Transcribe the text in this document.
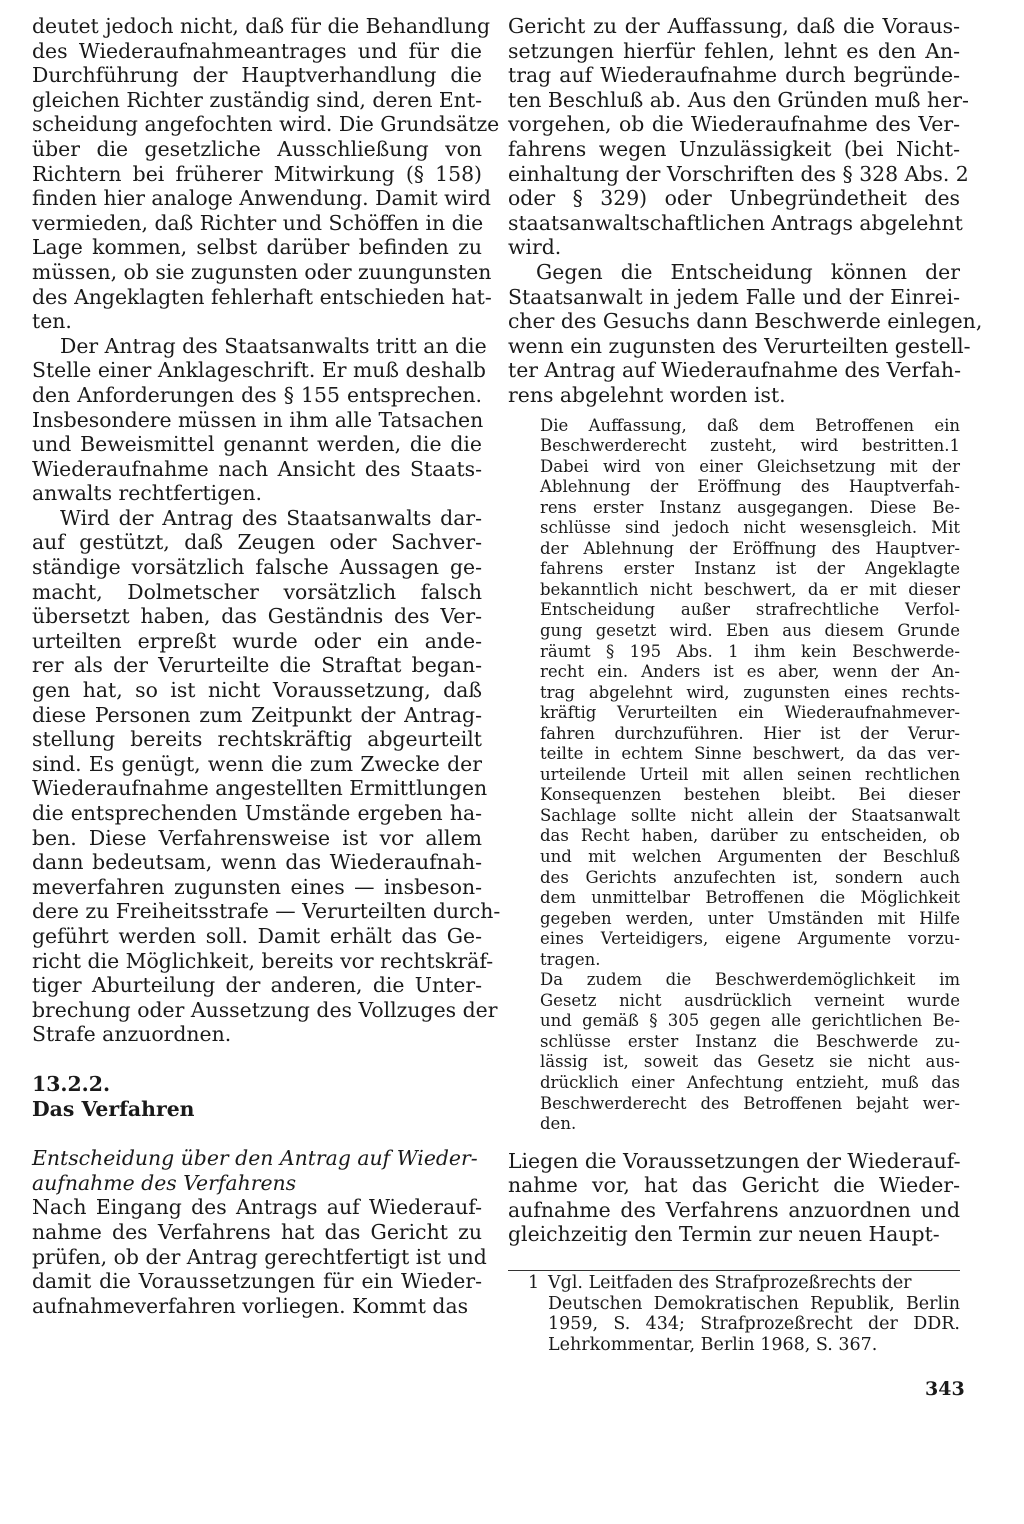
deutet jedoch nicht, daß für die Behandlung
des Wiederaufnahmeantrages und für die
Durchführung der Hauptverhandlung die
gleichen Richter zuständig sind, deren Ent-
scheidung angefochten wird. Die Grundsätze
über die gesetzliche Ausschließung von
Richtern bei früherer Mitwirkung (§ 158)
finden hier analoge Anwendung. Damit wird
vermieden, daß Richter und Schöffen in die
Lage kommen, selbst darüber befinden zu
müssen, ob sie zugunsten oder zuungunsten
des Angeklagten fehlerhaft entschieden hat-
ten.
Der Antrag des Staatsanwalts tritt an die
Stelle einer Anklageschrift. Er muß deshalb
den Anforderungen des § 155 entsprechen.
Insbesondere müssen in ihm alle Tatsachen
und Beweismittel genannt werden, die die
Wiederaufnahme nach Ansicht des Staats-
anwalts rechtfertigen.
Wird der Antrag des Staatsanwalts dar-
auf gestützt, daß Zeugen oder Sachver-
ständige vorsätzlich falsche Aussagen ge-
macht, Dolmetscher vorsätzlich falsch
übersetzt haben, das Geständnis des Ver-
urteilten erpreßt wurde oder ein ande-
rer als der Verurteilte die Straftat began-
gen hat, so ist nicht Voraussetzung, daß
diese Personen zum Zeitpunkt der Antrag-
stellung bereits rechtskräftig abgeurteilt
sind. Es genügt, wenn die zum Zwecke der
Wiederaufnahme angestellten Ermittlungen
die entsprechenden Umstände ergeben ha-
ben. Diese Verfahrensweise ist vor allem
dann bedeutsam, wenn das Wiederaufnah-
meverfahren zugunsten eines — insbeson-
dere zu Freiheitsstrafe — Verurteilten durch-
geführt werden soll. Damit erhält das Ge-
richt die Möglichkeit, bereits vor rechtskräf-
tiger Aburteilung der anderen, die Unter-
brechung oder Aussetzung des Vollzuges der
Strafe anzuordnen.
13.2.2.
Das Verfahren
Entscheidung über den Antrag auf Wieder-
aufnahme des Verfahrens
Nach Eingang des Antrags auf Wiederauf-
nahme des Verfahrens hat das Gericht zu
prüfen, ob der Antrag gerechtfertigt ist und
damit die Voraussetzungen für ein Wieder-
aufnahmeverfahren vorliegen. Kommt das
Gericht zu der Auffassung, daß die Voraus-
setzungen hierfür fehlen, lehnt es den An-
trag auf Wiederaufnahme durch begründe-
ten Beschluß ab. Aus den Gründen muß her-
vorgehen, ob die Wiederaufnahme des Ver-
fahrens wegen Unzulässigkeit (bei Nicht-
einhaltung der Vorschriften des § 328 Abs. 2
oder § 329) oder Unbegründetheit des
staatsanwaltschaftlichen Antrags abgelehnt
wird.
Gegen die Entscheidung können der
Staatsanwalt in jedem Falle und der Einrei-
cher des Gesuchs dann Beschwerde einlegen,
wenn ein zugunsten des Verurteilten gestell-
ter Antrag auf Wiederaufnahme des Verfah-
rens abgelehnt worden ist.
Die Auffassung, daß dem Betroffenen ein
Beschwerderecht zusteht, wird bestritten.1
Dabei wird von einer Gleichsetzung mit der
Ablehnung der Eröffnung des Hauptverfah-
rens erster Instanz ausgegangen. Diese Be-
schlüsse sind jedoch nicht wesensgleich. Mit
der Ablehnung der Eröffnung des Hauptver-
fahrens erster Instanz ist der Angeklagte
bekanntlich nicht beschwert, da er mit dieser
Entscheidung außer strafrechtliche Verfol-
gung gesetzt wird. Eben aus diesem Grunde
räumt § 195 Abs. 1 ihm kein Beschwerde-
recht ein. Anders ist es aber, wenn der An-
trag abgelehnt wird, zugunsten eines rechts-
kräftig Verurteilten ein Wiederaufnahmever-
fahren durchzuführen. Hier ist der Verur-
teilte in echtem Sinne beschwert, da das ver-
urteilende Urteil mit allen seinen rechtlichen
Konsequenzen bestehen bleibt. Bei dieser
Sachlage sollte nicht allein der Staatsanwalt
das Recht haben, darüber zu entscheiden, ob
und mit welchen Argumenten der Beschluß
des Gerichts anzufechten ist, sondern auch
dem unmittelbar Betroffenen die Möglichkeit
gegeben werden, unter Umständen mit Hilfe
eines Verteidigers, eigene Argumente vorzu-
tragen.
Da zudem die Beschwerdemöglichkeit im
Gesetz nicht ausdrücklich verneint wurde
und gemäß § 305 gegen alle gerichtlichen Be-
schlüsse erster Instanz die Beschwerde zu-
lässig ist, soweit das Gesetz sie nicht aus-
drücklich einer Anfechtung entzieht, muß das
Beschwerderecht des Betroffenen bejaht wer-
den.
Liegen die Voraussetzungen der Wiederauf-
nahme vor, hat das Gericht die Wieder-
aufnahme des Verfahrens anzuordnen und
gleichzeitig den Termin zur neuen Haupt-
1 Vgl. Leitfaden des Strafprozeßrechts der
Deutschen Demokratischen Republik, Berlin
1959, S. 434; Strafprozeßrecht der DDR.
Lehrkommentar, Berlin 1968, S. 367.
343
